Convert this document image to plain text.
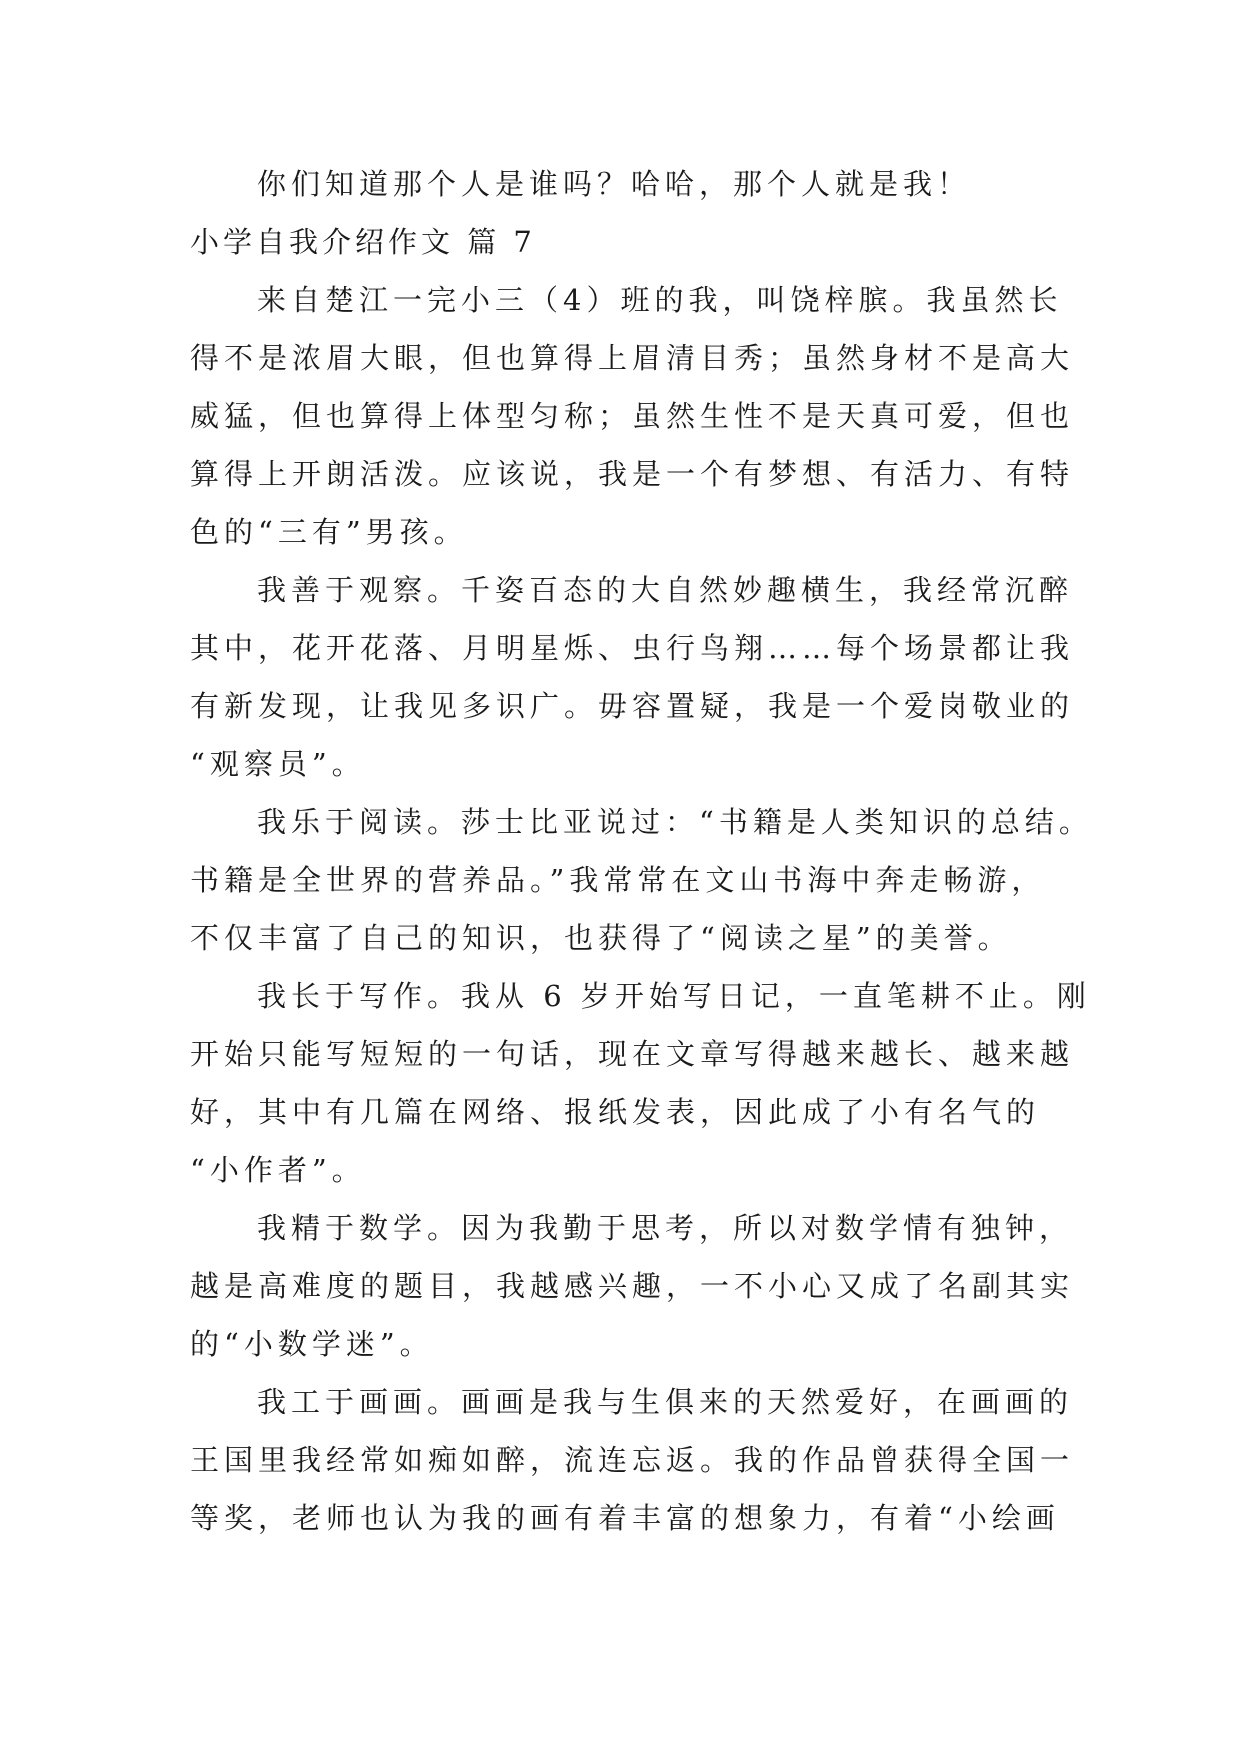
你们知道那个人是谁吗？哈哈，那个人就是我！
小学自我介绍作文 篇 7
来自楚江一完小三（4）班的我，叫饶梓膑。我虽然长
得不是浓眉大眼，但也算得上眉清目秀；虽然身材不是高大
威猛，但也算得上体型匀称；虽然生性不是天真可爱，但也
算得上开朗活泼。应该说，我是一个有梦想、有活力、有特
色的“三有”男孩。
我善于观察。千姿百态的大自然妙趣横生，我经常沉醉
其中，花开花落、月明星烁、虫行鸟翔……每个场景都让我
有新发现，让我见多识广。毋容置疑，我是一个爱岗敬业的
“观察员”。
我乐于阅读。莎士比亚说过：“书籍是人类知识的总结。
书籍是全世界的营养品。”我常常在文山书海中奔走畅游，
不仅丰富了自己的知识，也获得了“阅读之星”的美誉。
我长于写作。我从 6 岁开始写日记，一直笔耕不止。刚
开始只能写短短的一句话，现在文章写得越来越长、越来越
好，其中有几篇在网络、报纸发表，因此成了小有名气的
“小作者”。
我精于数学。因为我勤于思考，所以对数学情有独钟，
越是高难度的题目，我越感兴趣，一不小心又成了名副其实
的“小数学迷”。
我工于画画。画画是我与生俱来的天然爱好，在画画的
王国里我经常如痴如醉，流连忘返。我的作品曾获得全国一
等奖，老师也认为我的画有着丰富的想象力，有着“小绘画
